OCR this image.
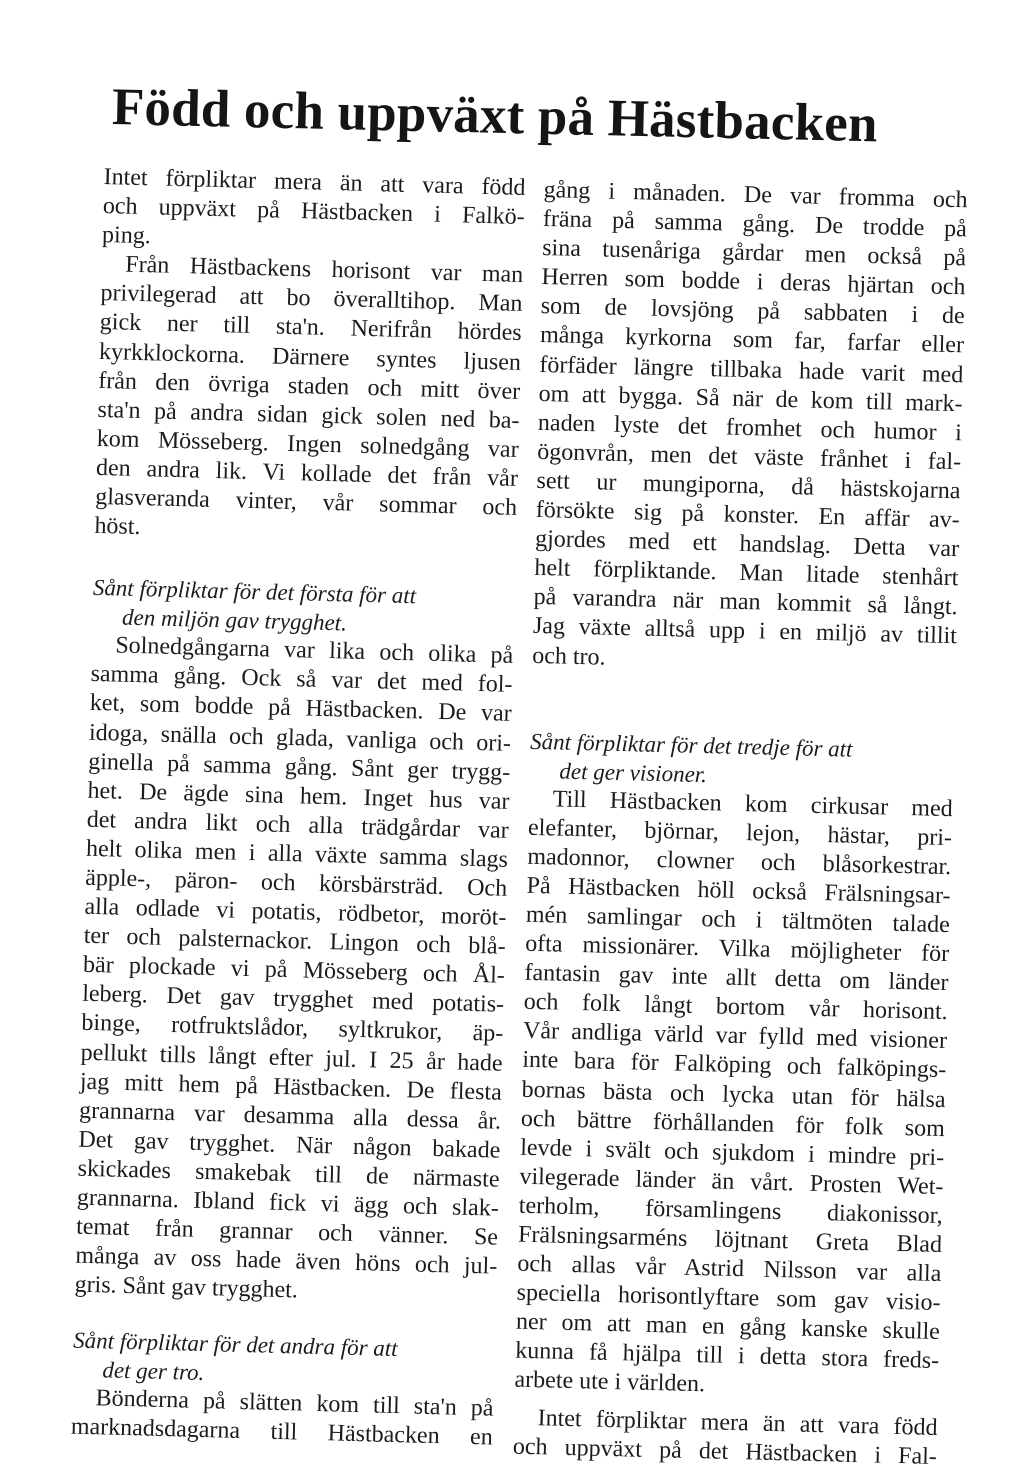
Född och uppväxt på Hästbacken
Intet förpliktar mera än att vara född
och uppväxt på Hästbacken i Falkö-
ping.
Från Hästbackens horisont var man
privilegerad att bo överalltihop. Man
gick ner till sta'n. Nerifrån hördes
kyrkklockorna. Därnere syntes ljusen
från den övriga staden och mitt över
sta'n på andra sidan gick solen ned ba-
kom Mösseberg. Ingen solnedgång var
den andra lik. Vi kollade det från vår
glasveranda vinter, vår sommar och
höst.
Sånt förpliktar för det första för att
den miljön gav trygghet.
Solnedgångarna var lika och olika på
samma gång. Ock så var det med fol-
ket, som bodde på Hästbacken. De var
idoga, snälla och glada, vanliga och ori-
ginella på samma gång. Sånt ger trygg-
het. De ägde sina hem. Inget hus var
det andra likt och alla trädgårdar var
helt olika men i alla växte samma slags
äpple-, päron- och körsbärsträd. Och
alla odlade vi potatis, rödbetor, moröt-
ter och palsternackor. Lingon och blå-
bär plockade vi på Mösseberg och Ål-
leberg. Det gav trygghet med potatis-
binge, rotfruktslådor, syltkrukor, äp-
pellukt tills långt efter jul. I 25 år hade
jag mitt hem på Hästbacken. De flesta
grannarna var desamma alla dessa år.
Det gav trygghet. När någon bakade
skickades smakebak till de närmaste
grannarna. Ibland fick vi ägg och slak-
temat från grannar och vänner. Se
många av oss hade även höns och jul-
gris. Sånt gav trygghet.
Sånt förpliktar för det andra för att
det ger tro.
Bönderna på slätten kom till sta'n på
marknadsdagarna till Hästbacken en
gång i månaden. De var fromma och
fräna på samma gång. De trodde på
sina tusenåriga gårdar men också på
Herren som bodde i deras hjärtan och
som de lovsjöng på sabbaten i de
många kyrkorna som far, farfar eller
förfäder längre tillbaka hade varit med
om att bygga. Så när de kom till mark-
naden lyste det fromhet och humor i
ögonvrån, men det väste frånhet i fal-
sett ur mungiporna, då hästskojarna
försökte sig på konster. En affär av-
gjordes med ett handslag. Detta var
helt förpliktande. Man litade stenhårt
på varandra när man kommit så långt.
Jag växte alltså upp i en miljö av tillit
och tro.
Sånt förpliktar för det tredje för att
det ger visioner.
Till Hästbacken kom cirkusar med
elefanter, björnar, lejon, hästar, pri-
madonnor, clowner och blåsorkestrar.
På Hästbacken höll också Frälsningsar-
mén samlingar och i tältmöten talade
ofta missionärer. Vilka möjligheter för
fantasin gav inte allt detta om länder
och folk långt bortom vår horisont.
Vår andliga värld var fylld med visioner
inte bara för Falköping och falköpings-
bornas bästa och lycka utan för hälsa
och bättre förhållanden för folk som
levde i svält och sjukdom i mindre pri-
vilegerade länder än vårt. Prosten Wet-
terholm, församlingens diakonissor,
Frälsningsarméns löjtnant Greta Blad
och allas vår Astrid Nilsson var alla
speciella horisontlyftare som gav visio-
ner om att man en gång kanske skulle
kunna få hjälpa till i detta stora freds-
arbete ute i världen.
Intet förpliktar mera än att vara född
och uppväxt på det Hästbacken i Fal-
